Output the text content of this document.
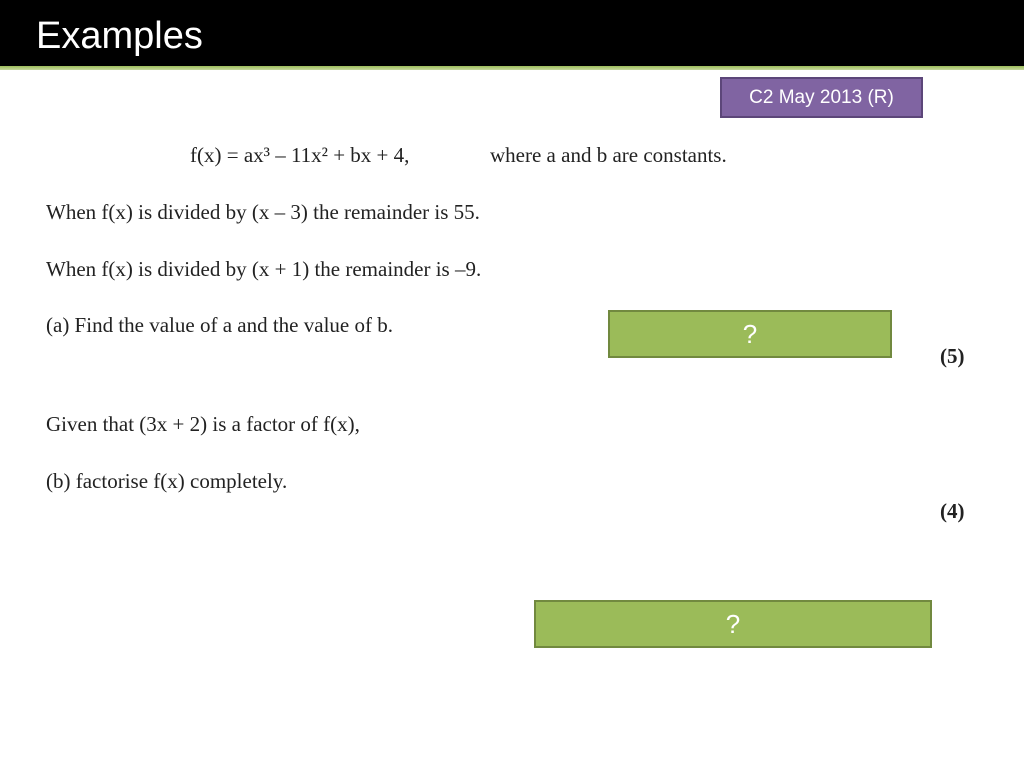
Examples
C2 May 2013 (R)
f(x) = ax³ – 11x² + bx + 4,	where a and b are constants.
When f(x) is divided by (x – 3) the remainder is 55.
When f(x) is divided by (x + 1) the remainder is –9.
(a) Find the value of a and the value of b.
(5)
?
Given that (3x + 2) is a factor of f(x),
(b) factorise f(x) completely.
(4)
?
